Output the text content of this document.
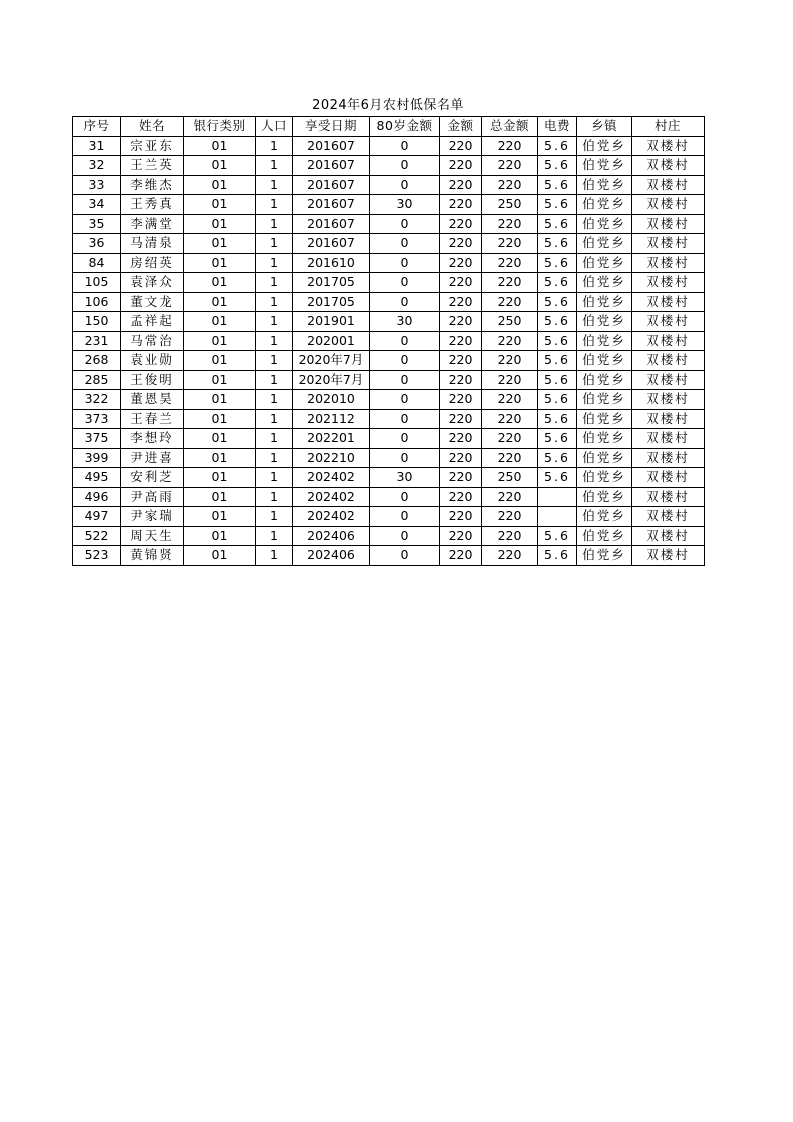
2024年6月农村低保名单
序号	姓名	银行类别	人口	享受日期	80岁金额	金额	总金额	电费	乡镇	村庄
31	宗亚东	01	1	201607	0	220	220	5.6	伯党乡	双楼村
32	王兰英	01	1	201607	0	220	220	5.6	伯党乡	双楼村
33	李维杰	01	1	201607	0	220	220	5.6	伯党乡	双楼村
34	王秀真	01	1	201607	30	220	250	5.6	伯党乡	双楼村
35	李满堂	01	1	201607	0	220	220	5.6	伯党乡	双楼村
36	马清泉	01	1	201607	0	220	220	5.6	伯党乡	双楼村
84	房绍英	01	1	201610	0	220	220	5.6	伯党乡	双楼村
105	袁泽众	01	1	201705	0	220	220	5.6	伯党乡	双楼村
106	董文龙	01	1	201705	0	220	220	5.6	伯党乡	双楼村
150	孟祥起	01	1	201901	30	220	250	5.6	伯党乡	双楼村
231	马常治	01	1	202001	0	220	220	5.6	伯党乡	双楼村
268	袁业勋	01	1	2020年7月	0	220	220	5.6	伯党乡	双楼村
285	王俊明	01	1	2020年7月	0	220	220	5.6	伯党乡	双楼村
322	董恩昊	01	1	202010	0	220	220	5.6	伯党乡	双楼村
373	王春兰	01	1	202112	0	220	220	5.6	伯党乡	双楼村
375	李想玲	01	1	202201	0	220	220	5.6	伯党乡	双楼村
399	尹进喜	01	1	202210	0	220	220	5.6	伯党乡	双楼村
495	安利芝	01	1	202402	30	220	250	5.6	伯党乡	双楼村
496	尹高雨	01	1	202402	0	220	220		伯党乡	双楼村
497	尹家瑞	01	1	202402	0	220	220		伯党乡	双楼村
522	周天生	01	1	202406	0	220	220	5.6	伯党乡	双楼村
523	黄锦贤	01	1	202406	0	220	220	5.6	伯党乡	双楼村
